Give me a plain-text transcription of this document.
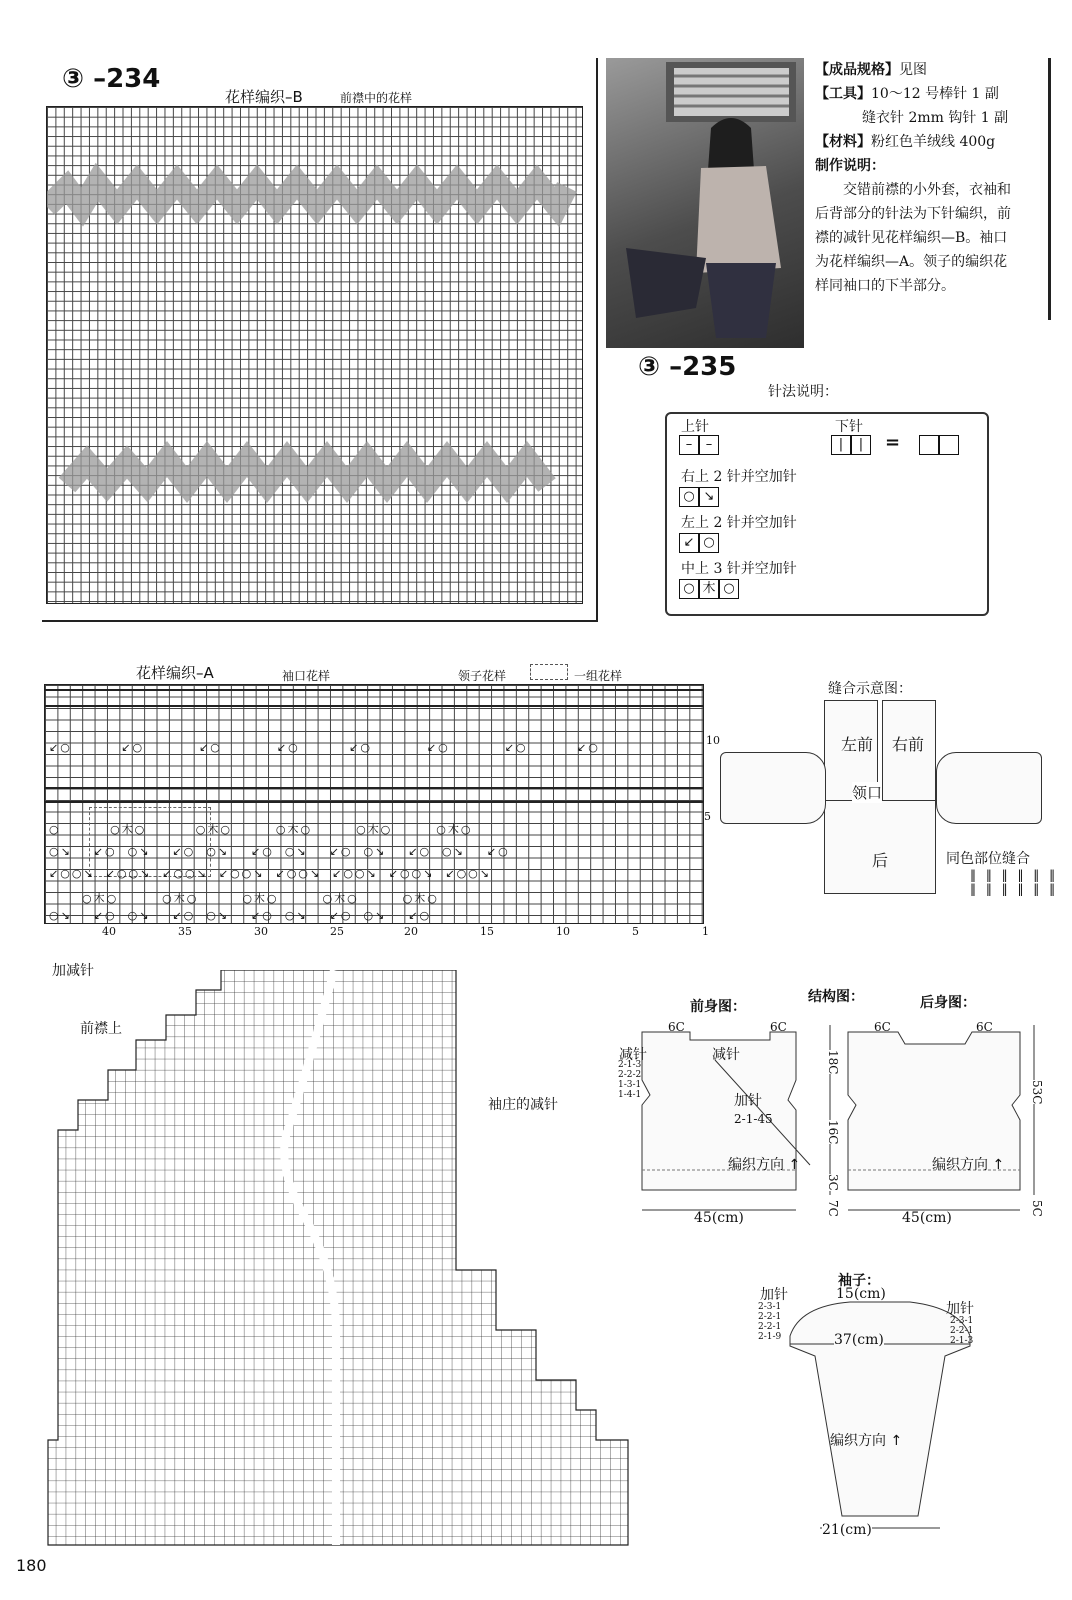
③ –234
花样编织–B	前襟中的花样

【成品规格】见图

【工具】10～12 号棒针 1 副

缝衣针 2mm 钩针 1 副

【材料】粉红色羊绒线 400g

制作说明：

交错前襟的小外套，衣袖和

后背部分的针法为下针编织，前

襟的减针见花样编织—B。袖口

为花样编织—A。领子的编织花

样同袖口的下半部分。

③ –235
针法说明：
上针
– –
下针
| |	=
右上 2 针并空加针
○ ↘
左上 2 针并空加针
↙ ○
中上 3 针并空加针
○ 木 ○
花样编织–A	袖口花样	领子花样	一组花样
↙○         ↙○          ↙○          ↙○         ↙○          ↙○          ↙○         ↙○
○         ○木○         ○木○        ○木○        ○木○        ○木○
○↘    ↙○  ○↘    ↙○  ○↘    ↙○  ○↘    ↙○  ○↘    ↙○  ○↘    ↙○
↙○○↘  ↙○○↘  ↙○○↘  ↙○○↘  ↙○○↘  ↙○○↘  ↙○○↘  ↙○○↘
○木○        ○木○        ○木○        ○木○        ○木○
○↘    ↙○  ○↘    ↙○  ○↘    ↙○  ○↘    ↙○  ○↘    ↙○
10
5
40	35	30	25	20	15	10	5	1
缝合示意图：
左前 右前
领口
后	同色部位缝合
‖ ‖ ‖ ‖ ‖ ‖
‖ ‖ ‖ ‖ ‖ ‖
加减针
前襟上
袖庄的减针
结构图：
前身图：	后身图：
6C	6C	6C	6C
减针
2-1-3
2-2-2
1-3-1
1-4-1
减针
加针
2-1-45
编织方向 ↑	编织方向 ↑
45(cm)	45(cm)
18C
16C
3C
7C
53C
5C
袖子：
15(cm)
37(cm)
21(cm)
加针
加针
2-3-1
2-2-1
2-2-1
2-1-9
2-3-1
2-2-1
2-1-3
编织方向 ↑
180
